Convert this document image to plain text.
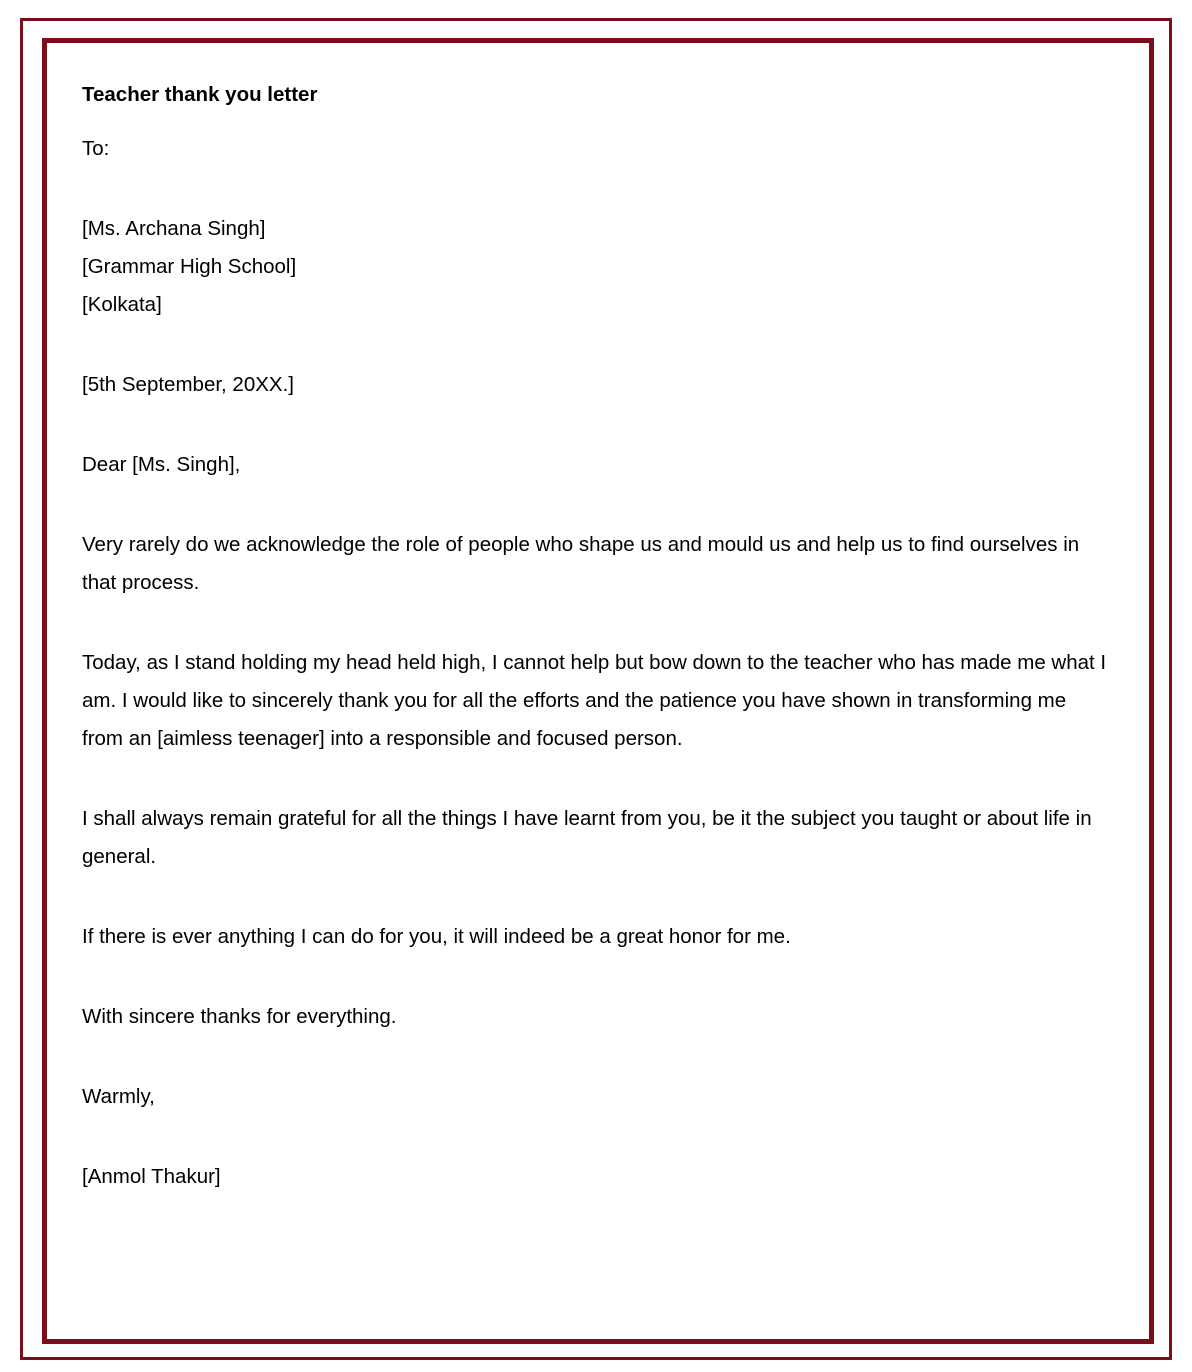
Teacher thank you letter

To:

[Ms. Archana Singh]

[Grammar High School]

[Kolkata]

[5th September, 20XX.]

Dear [Ms. Singh],

Very rarely do we acknowledge the role of people who shape us and mould us and help us to find ourselves in that process.

Today, as I stand holding my head held high, I cannot help but bow down to the teacher who has made me what I am. I would like to sincerely thank you for all the efforts and the patience you have shown in transforming me from an [aimless teenager] into a responsible and focused person.

I shall always remain grateful for all the things I have learnt from you, be it the subject you taught or about life in general.

If there is ever anything I can do for you, it will indeed be a great honor for me.

With sincere thanks for everything.

Warmly,

[Anmol Thakur]
